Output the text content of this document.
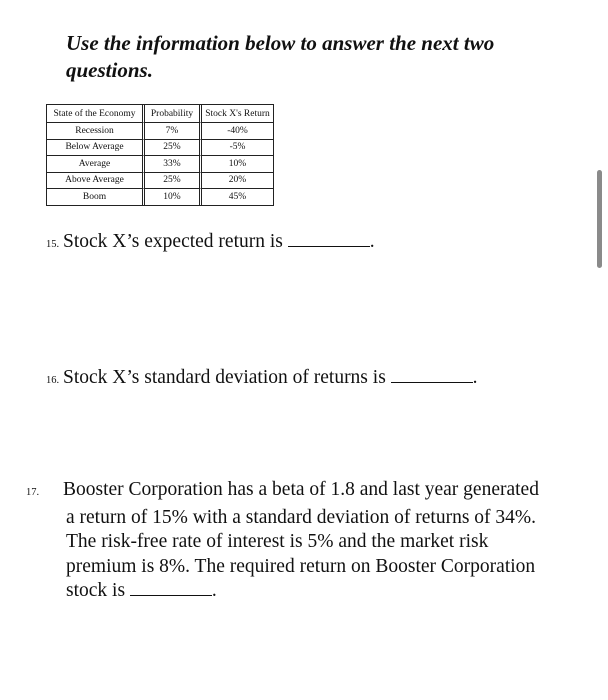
Use the information below to answer the next two questions.

State of the Economy	Probability	Stock X's Return
Recession	7%	-40%
Below Average	25%	-5%
Average	33%	10%
Above Average	25%	20%
Boom	10%	45%

15. Stock X’s expected return is	.

16. Stock X’s standard deviation of returns is	.

17. Booster Corporation has a beta of 1.8 and last year generated a return of 15% with a standard deviation of returns of 34%. The risk-free rate of interest is 5% and the market risk premium is 8%. The required return on Booster Corporation stock is	.
